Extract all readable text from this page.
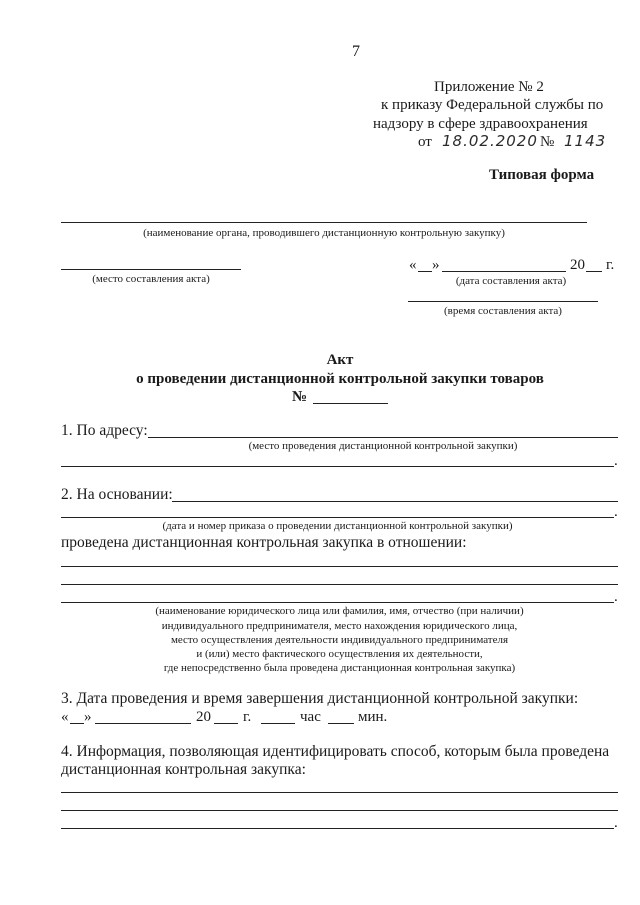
7
Приложение № 2
к приказу Федеральной службы по
надзору в сфере здравоохранения
от 18.02.2020 № 1143
Типовая форма
(наименование органа, проводившего дистанционную контрольную закупку)
(место составления акта)
« »	20 г.
(дата составления акта)
(время составления акта)
Акт
о проведении дистанционной контрольной закупки товаров
№
1. По адресу:
(место проведения дистанционной контрольной закупки)
.
2. На основании:
.
(дата и номер приказа о проведении дистанционной контрольной закупки)
проведена дистанционная контрольная закупка в отношении:
.
(наименование юридического лица или фамилия, имя, отчество (при наличии)
индивидуального предпринимателя, место нахождения юридического лица,
место осуществления деятельности индивидуального предпринимателя
и (или) место фактического осуществления их деятельности,
где непосредственно была проведена дистанционная контрольная закупка)
3. Дата проведения и время завершения дистанционной контрольной закупки:
« »	20 г.	час мин.
4. Информация, позволяющая идентифицировать способ, которым была проведена
дистанционная контрольная закупка:
.
